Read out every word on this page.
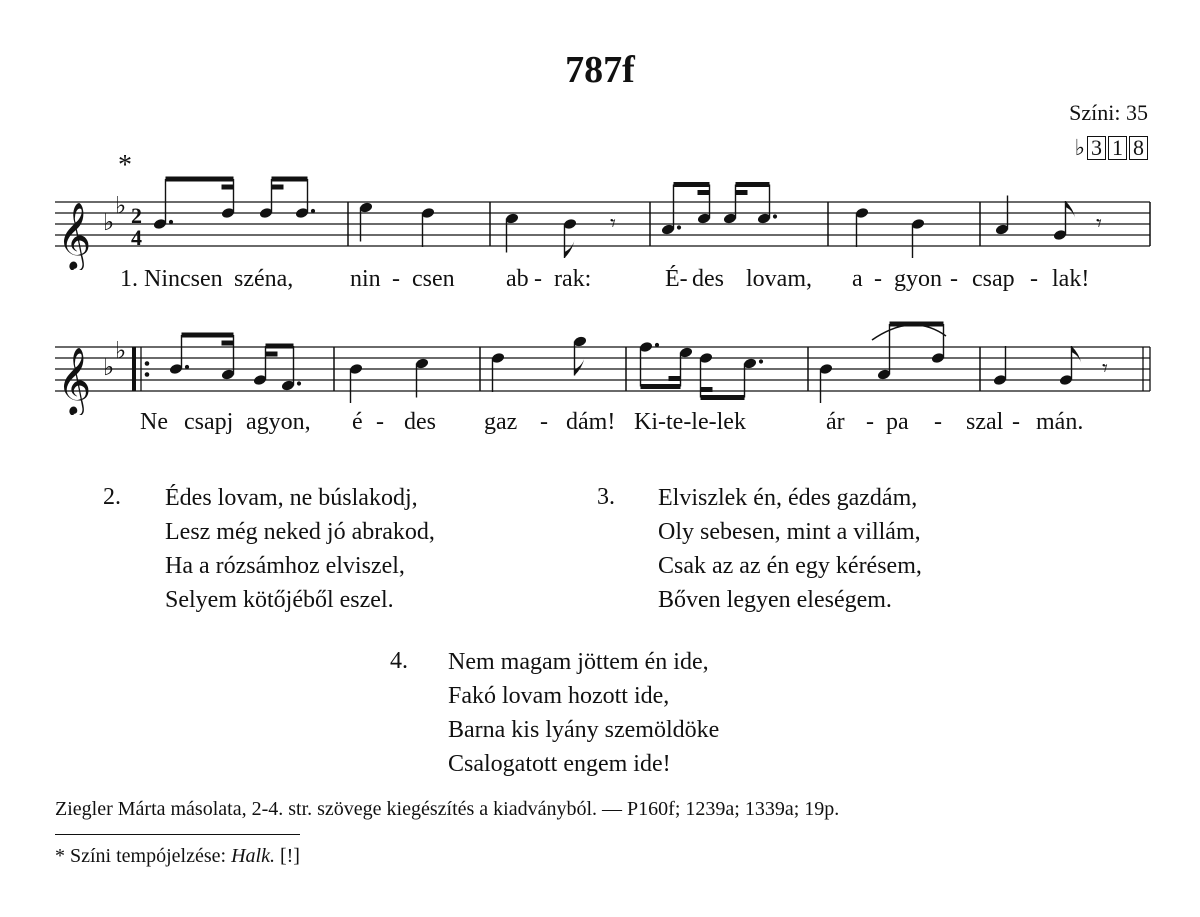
787f
Színi: 35
♭ 3 1 8
*
𝄞 ♭
♭ 2
4
𝄾	𝄾
𝄞 ♭
♭
𝄾
1. Nincsen széna, nin - csen ab - rak:	É- des lovam, a - gyon - csap - lak!
Ne csapj agyon, é - des gaz - dám! Ki-te-le-lek	ár - pa - szal - mán.
2. Édes lovam, ne búslakodj,
Lesz még neked jó abrakod,
Ha a rózsámhoz elviszel,
Selyem kötőjéből eszel.
3. Elviszlek én, édes gazdám,
Oly sebesen, mint a villám,
Csak az az én egy kérésem,
Bőven legyen eleségem.
4. Nem magam jöttem én ide,
Fakó lovam hozott ide,
Barna kis lyány szemöldöke
Csalogatott engem ide!
Ziegler Márta másolata, 2-4. str. szövege kiegészítés a kiadványból. — P160f; 1239a; 1339a; 19p.
* Színi tempójelzése: Halk. [!]
